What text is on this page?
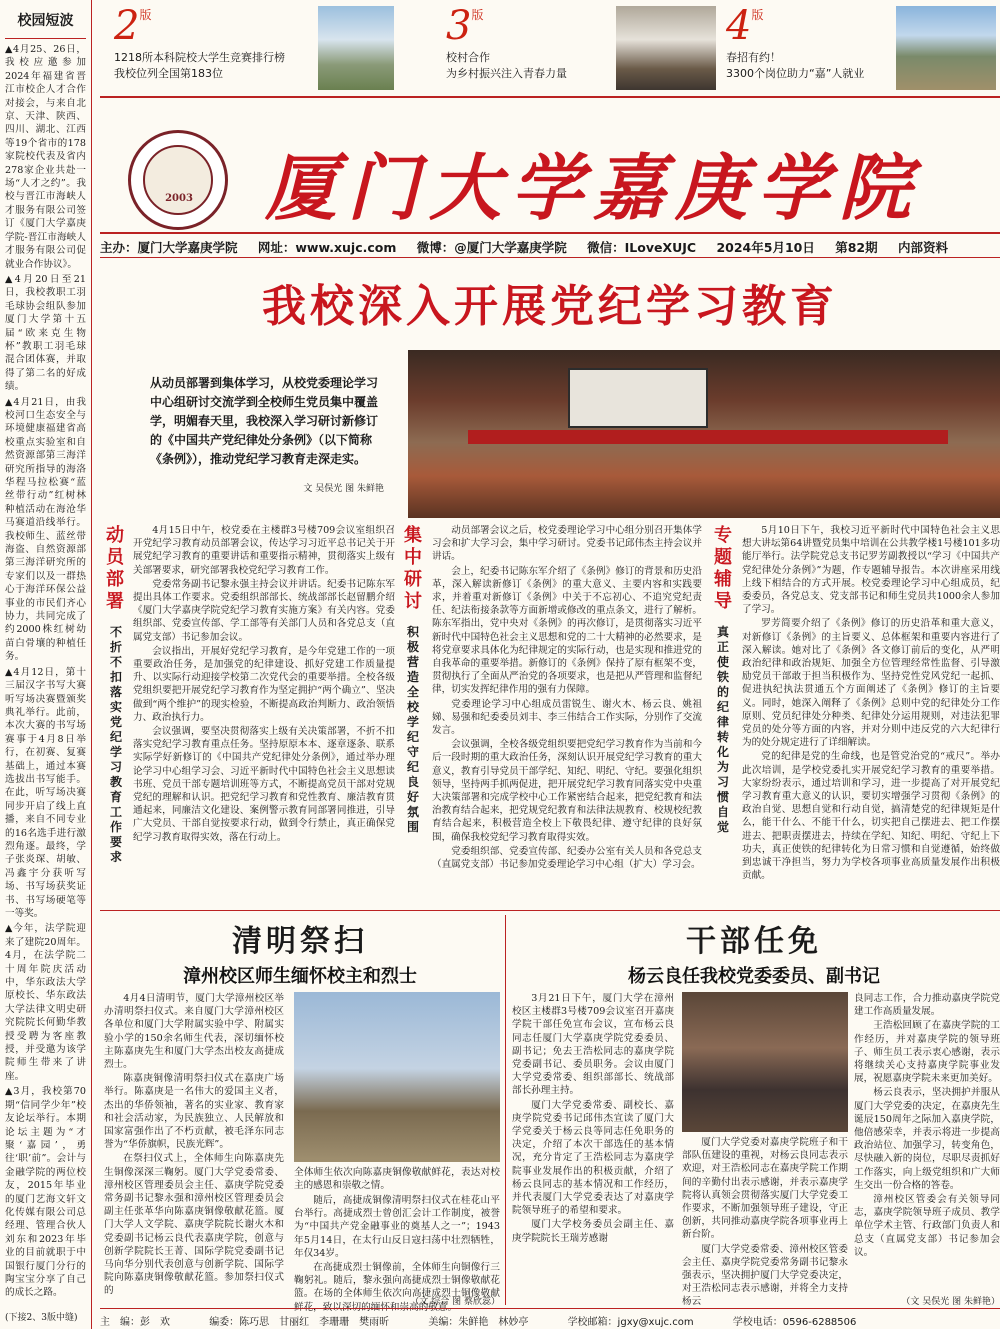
校园短波

▲4月25、26日，我校应邀参加2024年福建省晋江市校企人才合作对接会，与来自北京、天津、陕西、四川、湖北、江西等19个省市的178家院校代表及省内278家企业共赴一场“人才之约”。我校与晋江市海峡人才服务有限公司签订《厦门大学嘉庚学院-晋江市海峡人才服务有限公司促就业合作协议》。

▲4月20日至21日，我校教职工羽毛球协会组队参加厦门大学第十五届“欧来克生物杯”教职工羽毛球混合团体赛，并取得了第二名的好成绩。

▲4月21日，由我校河口生态安全与环境健康福建省高校重点实验室和自然资源部第三海洋研究所指导的海洛华程马拉松赛“蓝丝带行动”红树林种植活动在海沧华马赛道沿线举行。我校师生、蓝丝带海盗、自然资源部第三海洋研究所的专家们以及一群热心于海洋环保公益事业的市民们齐心协力，共同完成了约2000株红树幼苗白骨壤的种植任务。

▲4月12日，第十三届汉字书写大赛听写场决赛暨颁奖典礼举行。此前，本次大赛的书写场赛事于4月8日举行，在初赛、复赛基础上，通过本赛选拔出书写能手。在此，听写场决赛同步开启了线上直播，来自不同专业的16名选手进行激烈角逐。最终，学子张炎琛、胡敏、冯鑫宇分获听写场、书写场获奖证书、书写场硬笔等一等奖。

▲今年，法学院迎来了建院20周年。4月，在法学院二十周年院庆活动中，华东政法大学原校长、华东政法大学法律文明史研究院院长何勤华教授受聘为客座教授，并受邀为该学院师生带来了讲座。

▲3月，我校第70期“信同学少年”校友论坛举行。本期论坛主题为“才聚‘嘉园’，勇往‘职’前”。会计与金融学院的两位校友，2015年毕业的厦门艺海文轩文化传媒有限公司总经理、管理合伙人刘东和2023年毕业的目前就职于中国银行厦门分行的陶宝宝分享了自己的成长之路。

(下接2、3版中缝)
2版
1218所本科院校大学生竞赛排行榜
我校位列全国第183位
3版
校村合作
为乡村振兴注入青春力量
4版
春招有约！
3300个岗位助力“嘉”人就业
2003 厦门大学嘉庚学院
主办：厦门大学嘉庚学院 网址：www.xujc.com 微博：@厦门大学嘉庚学院 微信：ILoveXUJC 2024年5月10日 第82期 内部资料
我校深入开展党纪学习教育

从动员部署到集体学习，从校党委理论学习中心组研讨交流学到全校师生党员集中覆盖学，明媚春天里，我校深入学习研讨新修订的《中国共产党纪律处分条例》（以下简称《条例》），推动党纪学习教育走深走实。

文 吴俣光 图 朱鲜艳
动员部署
不折不扣落实党纪学习教育工作要求
集中研讨
积极营造全校学纪守纪良好氛围
专题辅导
真正使铁的纪律转化为习惯自觉

4月15日中午，校党委在主楼群3号楼709会议室组织召开党纪学习教育动员部署会议，传达学习习近平总书记关于开展党纪学习教育的重要讲话和重要指示精神，贯彻落实上级有关部署要求，研究部署我校党纪学习教育工作。

党委常务副书记黎永强主持会议并讲话。纪委书记陈东军提出具体工作要求。党委组织部部长、统战部部长赵留鹏介绍《厦门大学嘉庚学院党纪学习教育实施方案》有关内容。党委组织部、党委宣传部、学工部等有关部门人员和各党总支（直属党支部）书记参加会议。

会议指出，开展好党纪学习教育，是今年党建工作的一项重要政治任务，是加强党的纪律建设、抓好党建工作质量提升、以实际行动迎接学校第二次党代会的重要举措。全校各级党组织要把开展党纪学习教育作为坚定拥护“两个确立”、坚决做到“两个维护”的现实检验，不断提高政治判断力、政治领悟力、政治执行力。

会议强调，要坚决贯彻落实上级有关决策部署，不折不扣落实党纪学习教育重点任务。坚持原原本本、逐章逐条、联系实际学好新修订的《中国共产党纪律处分条例》，通过举办理论学习中心组学习会、习近平新时代中国特色社会主义思想读书班、党员干部专题培训班等方式，不断提高党员干部对党规党纪的理解和认识。把党纪学习教育和党性教育、廉洁教育贯通起来，同廉洁文化建设、案例警示教育同部署同推进，引导广大党员、干部自觉按要求行动，做到令行禁止，真正确保党纪学习教育取得实效，落在行动上。

动员部署会议之后，校党委理论学习中心组分别召开集体学习会和扩大学习会，集中学习研讨。党委书记邱伟杰主持会议并讲话。

会上，纪委书记陈东军介绍了《条例》修订的背景和历史沿革，深入解读新修订《条例》的重大意义、主要内容和实践要求，并着重对新修订《条例》中关于不忘初心、不追究党纪责任、纪法衔接条款等方面新增或修改的重点条文，进行了解析。陈东军指出，党中央对《条例》的再次修订，是贯彻落实习近平新时代中国特色社会主义思想和党的二十大精神的必然要求，是将党章要求具体化为纪律规定的实际行动，也是实现和推进党的自我革命的重要举措。新修订的《条例》保持了原有框架不变，贯彻执行了全面从严治党的各项要求，也是把从严管理和监督纪律，切实发挥纪律作用的强有力保障。

党委理论学习中心组成员雷锐生、谢火木、杨云良、姚祖娣、易强和纪委委员刘丰、李三伟结合工作实际，分别作了交流发言。

会议强调，全校各级党组织要把党纪学习教育作为当前和今后一段时期的重大政治任务，深刻认识开展党纪学习教育的重大意义，教育引导党员干部学纪、知纪、明纪、守纪。要强化组织领导，坚持两手抓两促进，把开展党纪学习教育同落实党中央重大决策部署和完成学校中心工作紧密结合起来，把党纪教育和法治教育结合起来，把党规党纪教育和法律法规教育、校规校纪教育结合起来，积极营造全校上下敬畏纪律、遵守纪律的良好氛围，确保我校党纪学习教育取得实效。

党委组织部、党委宣传部、纪委办公室有关人员和各党总支（直属党支部）书记参加党委理论学习中心组（扩大）学习会。

5月10日下午，我校习近平新时代中国特色社会主义思想大讲坛第64讲暨党员集中培训在公共教学楼1号楼101多功能厅举行。法学院党总支书记罗芳副教授以“学习《中国共产党纪律处分条例》”为题，作专题辅导报告。本次讲座采用线上线下相结合的方式开展。校党委理论学习中心组成员，纪委委员，各党总支、党支部书记和师生党员共1000余人参加了学习。

罗芳简要介绍了《条例》修订的历史沿革和重大意义，对新修订《条例》的主旨要义、总体框架和重要内容进行了深入解读。她对比了《条例》各文修订前后的变化，从严明政治纪律和政治规矩、加强全方位管理经常性监督、引导激励党员干部敢于担当积极作为、坚持党性党风党纪一起抓、促进执纪执法贯通五个方面阐述了《条例》修订的主旨要义。同时，她深入阐释了《条例》总则中党的纪律处分工作原则、党员纪律处分种类、纪律处分运用规则，对违法犯罪党员的处分等方面的内容，并对分则中违反党的六大纪律行为的处分规定进行了详细解读。

党的纪律是党的生命线，也是管党治党的“戒尺”。举办此次培训，是学校党委扎实开展党纪学习教育的重要举措。大家纷纷表示，通过培训和学习，进一步提高了对开展党纪学习教育重大意义的认识，要切实增强学习贯彻《条例》的政治自觉、思想自觉和行动自觉，搞清楚党的纪律规矩是什么，能干什么、不能干什么，切实把自己摆进去、把工作摆进去、把职责摆进去，持续在学纪、知纪、明纪、守纪上下功夫，真正使铁的纪律转化为日常习惯和自觉遵循，始终做到忠诚干净担当，努力为学校各项事业高质量发展作出积极贡献。

清明祭扫
漳州校区师生缅怀校主和烈士

4月4日清明节，厦门大学漳州校区举办清明祭扫仪式。来自厦门大学漳州校区各单位和厦门大学附属实验中学、附属实验小学的150余名师生代表，深切缅怀校主陈嘉庚先生和厦门大学杰出校友高捷成烈士。

陈嘉庚铜像清明祭扫仪式在嘉庚广场举行。陈嘉庚是一名伟大的爱国主义者，杰出的华侨领袖，著名的实业家、教育家和社会活动家，为民族独立、人民解放和国家富强作出了不朽贡献，被毛泽东同志誉为“华侨旗帜，民族光辉”。

在祭扫仪式上，全体师生向陈嘉庚先生铜像深深三鞠躬。厦门大学党委常委、漳州校区管理委员会主任、嘉庚学院党委常务副书记黎永强和漳州校区管理委员会副主任张革华向陈嘉庚铜像敬献花篮。厦门大学人文学院、嘉庚学院院长谢火木和党委副书记杨云良代表嘉庚学院，创意与创新学院院长王菁、国际学院党委副书记马向华分别代表创意与创新学院、国际学院向陈嘉庚铜像敬献花篮。参加祭扫仪式的

全体师生依次向陈嘉庚铜像敬献鲜花，表达对校主的感恩和崇敬之情。

随后，高捷成铜像清明祭扫仪式在桂花山平台举行。高捷成烈士曾创汇会计工作制度，被誉为“中国共产党金融事业的奠基人之一”；1943年5月14日，在太行山反日寇扫荡中壮烈牺牲，年仅34岁。

在高捷成烈士铜像前，全体师生向铜像行三鞠躬礼。随后，黎永强向高捷成烈士铜像敬献花篮。在场的全体师生依次向高捷成烈士铜像敬献鲜花，致以深切的缅怀和崇高的敬意。

（文 综合 图 蔡欣蕊）
干部任免
杨云良任我校党委委员、副书记

3月21日下午，厦门大学在漳州校区主楼群3号楼709会议室召开嘉庚学院干部任免宣布会议，宣布杨云良同志任厦门大学嘉庚学院党委委员、副书记；免去王浩松同志的嘉庚学院党委副书记、委员职务。会议由厦门大学党委常委、组织部部长、统战部部长孙理主持。

厦门大学党委常委、副校长、嘉庚学院党委书记邱伟杰宣读了厦门大学党委关于杨云良等同志任免职务的决定，介绍了本次干部选任的基本情况，充分肯定了王浩松同志为嘉庚学院事业发展作出的积极贡献，介绍了杨云良同志的基本情况和工作经历，并代表厦门大学党委表达了对嘉庚学院领导班子的希望和要求。

厦门大学校务委员会副主任、嘉庚学院院长王瑞芳感谢

厦门大学党委对嘉庚学院班子和干部队伍建设的重视，对杨云良同志表示欢迎，对王浩松同志在嘉庚学院工作期间的辛勤付出表示感谢，并表示嘉庚学院将认真领会贯彻落实厦门大学党委工作要求，不断加强领导班子建设，守正创新，共同推动嘉庚学院各项事业再上新台阶。

厦门大学党委常委、漳州校区管委会主任、嘉庚学院党委常务副书记黎永强表示，坚决拥护厦门大学党委决定，对王浩松同志表示感谢，并将全力支持杨云

良同志工作，合力推动嘉庚学院党建工作高质量发展。

王浩松回顾了在嘉庚学院的工作经历，并对嘉庚学院的领导班子、师生员工表示衷心感谢，表示将继续关心支持嘉庚学院事业发展，祝愿嘉庚学院未来更加美好。

杨云良表示，坚决拥护并服从厦门大学党委的决定，在嘉庚先生诞辰150周年之际加入嘉庚学院，他倍感荣幸，并表示将进一步提高政治站位、加强学习，转变角色，尽快融入新的岗位，尽职尽责抓好工作落实，向上级党组织和广大师生交出一份合格的答卷。

漳州校区管委会有关领导同志，嘉庚学院领导班子成员、教学单位学术主管、行政部门负责人和总支（直属党支部）书记参加会议。

（文 吴俣光 图 朱鲜艳）
主　编：彭　欢	编委：陈巧思　甘丽红　李珊珊　樊雨昕	美编：朱鲜艳　林妙亭	学校邮箱：jgxy@xujc.com	学校电话：0596-6288506
